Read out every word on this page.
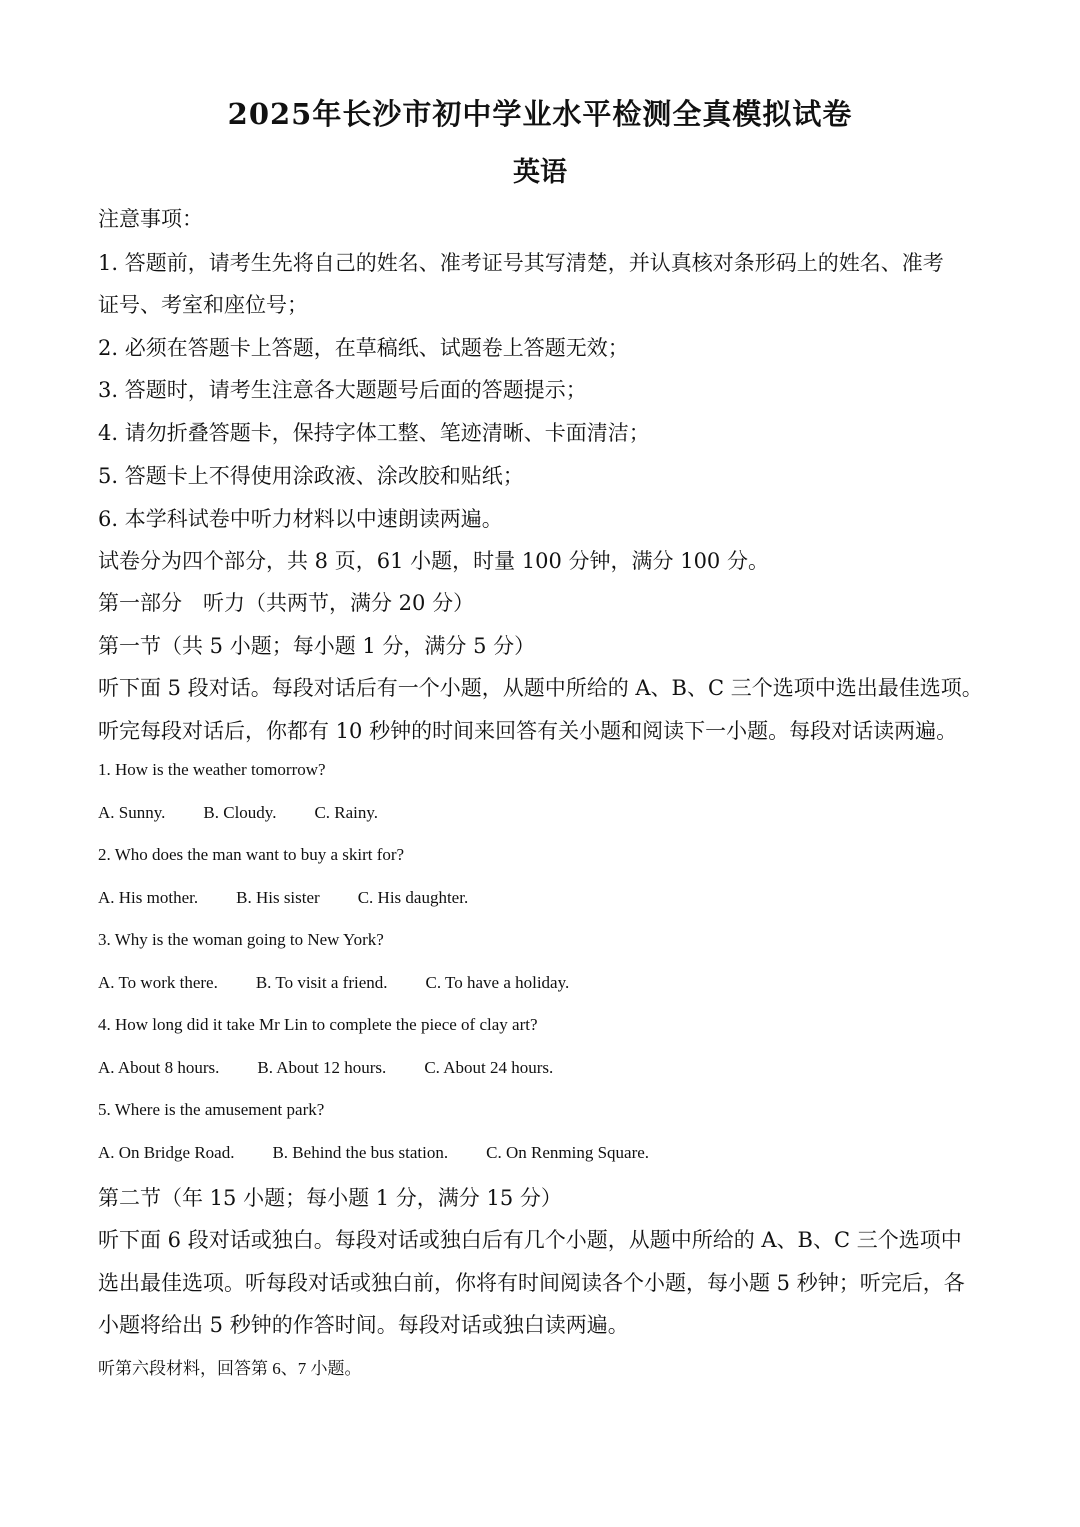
2025年长沙市初中学业水平检测全真模拟试卷
英语

注意事项：

1. 答题前，请考生先将自己的姓名、准考证号其写清楚，并认真核对条形码上的姓名、准考

证号、考室和座位号；

2. 必须在答题卡上答题，在草稿纸、试题卷上答题无效；

3. 答题时，请考生注意各大题题号后面的答题提示；

4. 请勿折叠答题卡，保持字体工整、笔迹清晰、卡面清洁；

5. 答题卡上不得使用涂政液、涂改胶和贴纸；

6. 本学科试卷中听力材料以中速朗读两遍。

试卷分为四个部分，共 8 页，61 小题，时量 100 分钟，满分 100 分。

第一部分　听力（共两节，满分 20 分）

第一节（共 5 小题；每小题 1 分，满分 5 分）

听下面 5 段对话。每段对话后有一个小题，从题中所给的 A、B、C 三个选项中选出最佳选项。

听完每段对话后，你都有 10 秒钟的时间来回答有关小题和阅读下一小题。每段对话读两遍。

1. How is the weather tomorrow?

A. Sunny. B. Cloudy. C. Rainy.

2. Who does the man want to buy a skirt for?

A. His mother. B. His sister C. His daughter.

3. Why is the woman going to New York?

A. To work there. B. To visit a friend. C. To have a holiday.

4. How long did it take Mr Lin to complete the piece of clay art?

A. About 8 hours. B. About 12 hours. C. About 24 hours.

5. Where is the amusement park?

A. On Bridge Road. B. Behind the bus station. C. On Renming Square.

第二节（年 15 小题；每小题 1 分，满分 15 分）

听下面 6 段对话或独白。每段对话或独白后有几个小题，从题中所给的 A、B、C 三个选项中

选出最佳选项。听每段对话或独白前，你将有时间阅读各个小题，每小题 5 秒钟；听完后，各

小题将给出 5 秒钟的作答时间。每段对话或独白读两遍。

听第六段材料，回答第 6、7 小题。
